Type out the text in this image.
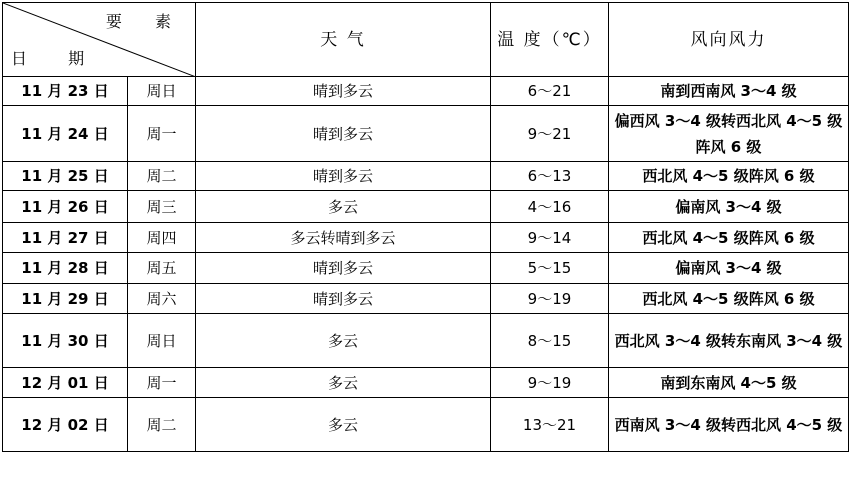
要 素
日 期		天 气	温 度（℃）	风向风力
11 月 23 日	周日	晴到多云	6～21	南到西南风 3～4 级
11 月 24 日	周一	晴到多云	9～21	偏西风 3～4 级转西北风 4～5 级阵风 6 级
11 月 25 日	周二	晴到多云	6～13	西北风 4～5 级阵风 6 级
11 月 26 日	周三	多云	4～16	偏南风 3～4 级
11 月 27 日	周四	多云转晴到多云	9～14	西北风 4～5 级阵风 6 级
11 月 28 日	周五	晴到多云	5～15	偏南风 3～4 级
11 月 29 日	周六	晴到多云	9～19	西北风 4～5 级阵风 6 级
11 月 30 日	周日	多云	8～15	西北风 3～4 级转东南风 3～4 级
12 月 01 日	周一	多云	9～19	南到东南风 4～5 级
12 月 02 日	周二	多云	13～21	西南风 3～4 级转西北风 4～5 级
